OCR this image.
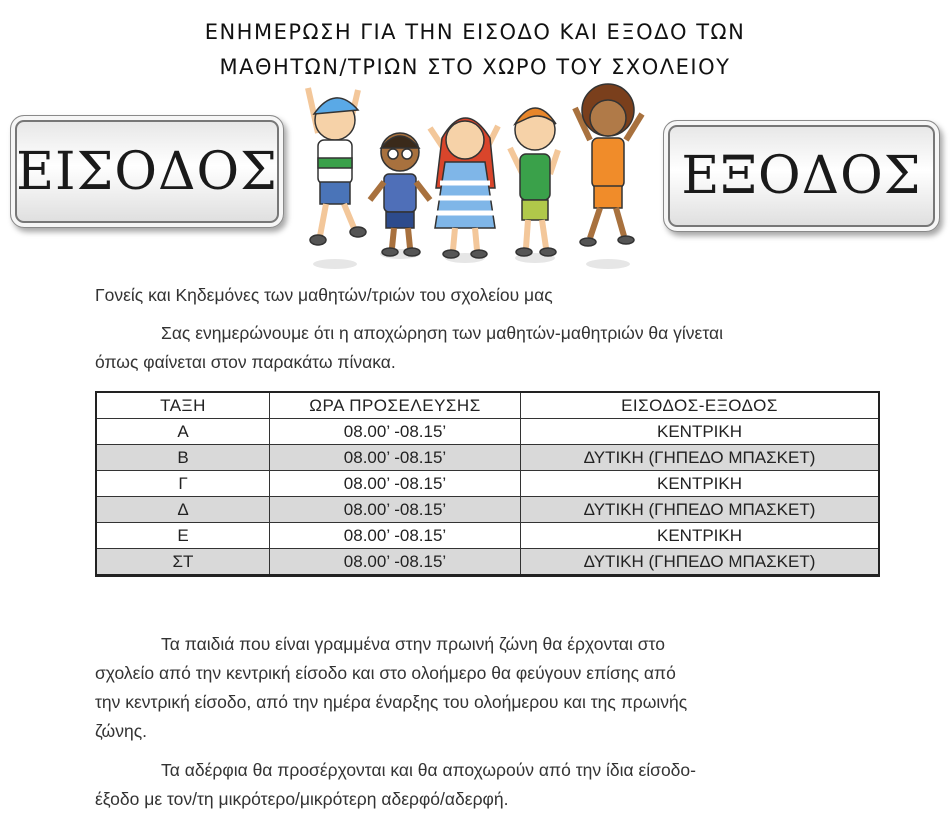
ΕΝΗΜΕΡΩΣΗ ΓΙΑ ΤΗΝ ΕΙΣΟΔΟ ΚΑΙ ΕΞΟΔΟ ΤΩΝ
ΜΑΘΗΤΩΝ/ΤΡΙΩΝ ΣΤΟ ΧΩΡΟ ΤΟΥ ΣΧΟΛΕΙΟΥ
ΕΙΣΟΔΟΣ	ΕΞΟΔΟΣ
Γονείς και Κηδεμόνες των μαθητών/τριών του σχολείου μας
Σας ενημερώνουμε ότι η αποχώρηση των μαθητών-μαθητριών θα γίνεται
όπως φαίνεται στον παρακάτω πίνακα.
ΤΑΞΗ	ΩΡΑ ΠΡΟΣΕΛΕΥΣΗΣ	ΕΙΣΟΔΟΣ-ΕΞΟΔΟΣ
Α	08.00’ -08.15’	ΚΕΝΤΡΙΚΗ
Β	08.00’ -08.15’	ΔΥΤΙΚΗ (ΓΗΠΕΔΟ ΜΠΑΣΚΕΤ)
Γ	08.00’ -08.15’	ΚΕΝΤΡΙΚΗ
Δ	08.00’ -08.15’	ΔΥΤΙΚΗ (ΓΗΠΕΔΟ ΜΠΑΣΚΕΤ)
Ε	08.00’ -08.15’	ΚΕΝΤΡΙΚΗ
ΣΤ	08.00’ -08.15’	ΔΥΤΙΚΗ (ΓΗΠΕΔΟ ΜΠΑΣΚΕΤ)
Τα παιδιά που είναι γραμμένα στην πρωινή ζώνη θα έρχονται στο
σχολείο από την κεντρική είσοδο και στο ολοήμερο θα φεύγουν επίσης από
την κεντρική είσοδο, από την ημέρα έναρξης του ολοήμερου και της πρωινής
ζώνης.
Τα αδέρφια θα προσέρχονται και θα αποχωρούν από την ίδια είσοδο-
έξοδο με τον/τη μικρότερο/μικρότερη αδερφό/αδερφή.
